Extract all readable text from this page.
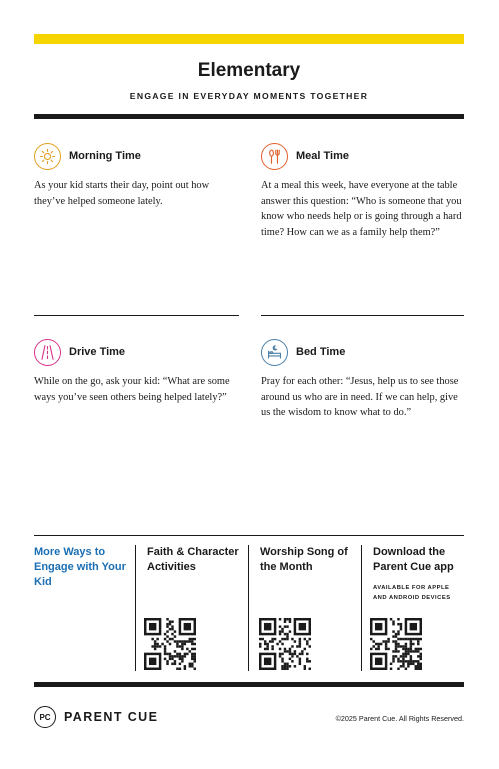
Elementary
ENGAGE IN EVERYDAY MOMENTS TOGETHER
Morning Time

As your kid starts their day, point out how they’ve helped someone lately.

Meal Time

At a meal this week, have everyone at the table answer this question: “Who is someone that you know who needs help or is going through a hard time? How can we as a family help them?”

Drive Time

While on the go, ask your kid: “What are some ways you’ve seen others being helped lately?”

Bed Time

Pray for each other: “Jesus, help us to see those around us who are in need. If we can help, give us the wisdom to know what to do.”

More Ways to Engage with Your Kid
Faith & Character Activities
Worship Song of the Month
Download the Parent Cue app
AVAILABLE FOR APPLE AND ANDROID DEVICES
PC PARENT CUE	©2025 Parent Cue. All Rights Reserved.
